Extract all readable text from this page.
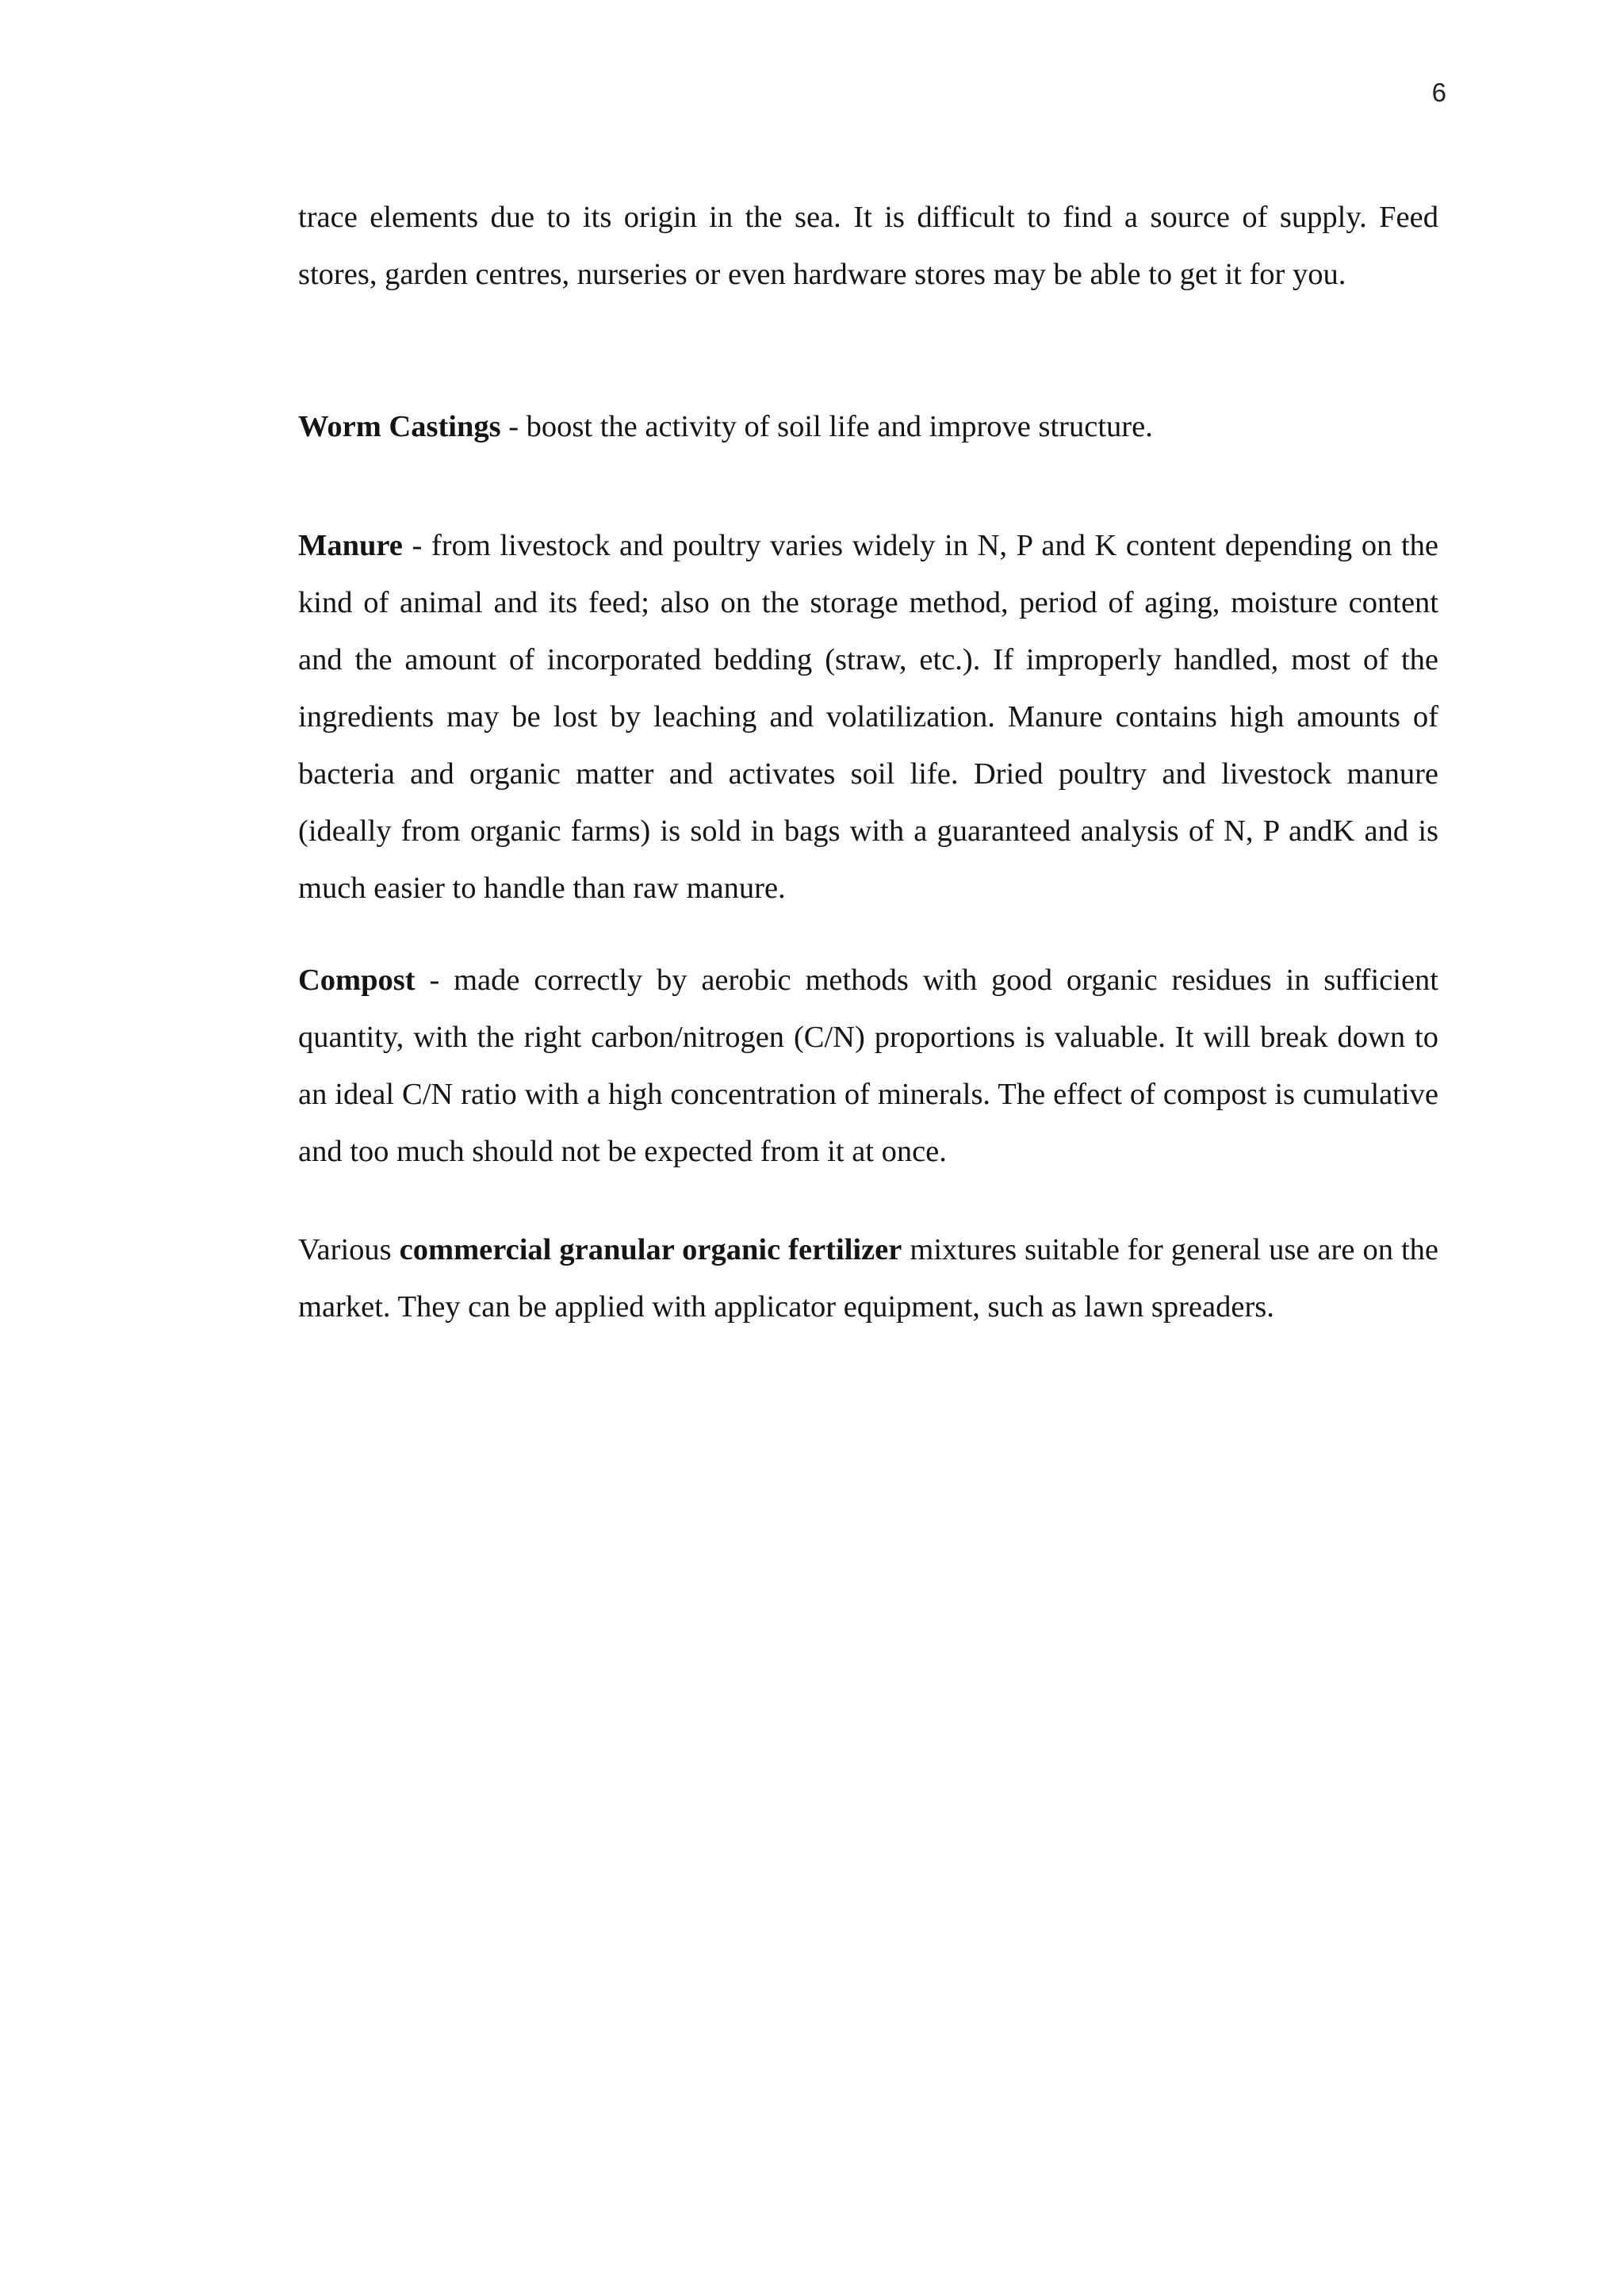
6

trace elements due to its origin in the sea. It is difficult to find a source of supply. Feed stores, garden centres, nurseries or even hardware stores may be able to get it for you.

Worm Castings - boost the activity of soil life and improve structure.

Manure - from livestock and poultry varies widely in N, P and K content depending on the kind of animal and its feed; also on the storage method, period of aging, moisture content and the amount of incorporated bedding (straw, etc.). If improperly handled, most of the ingredients may be lost by leaching and volatilization. Manure contains high amounts of bacteria and organic matter and activates soil life. Dried poultry and livestock manure (ideally from organic farms) is sold in bags with a guaranteed analysis of N, P andK and is much easier to handle than raw manure.

Compost - made correctly by aerobic methods with good organic residues in sufficient quantity, with the right carbon/nitrogen (C/N) proportions is valuable. It will break down to an ideal C/N ratio with a high concentration of minerals. The effect of compost is cumulative and too much should not be expected from it at once.

Various commercial granular organic fertilizer mixtures suitable for general use are on the market. They can be applied with applicator equipment, such as lawn spreaders.
